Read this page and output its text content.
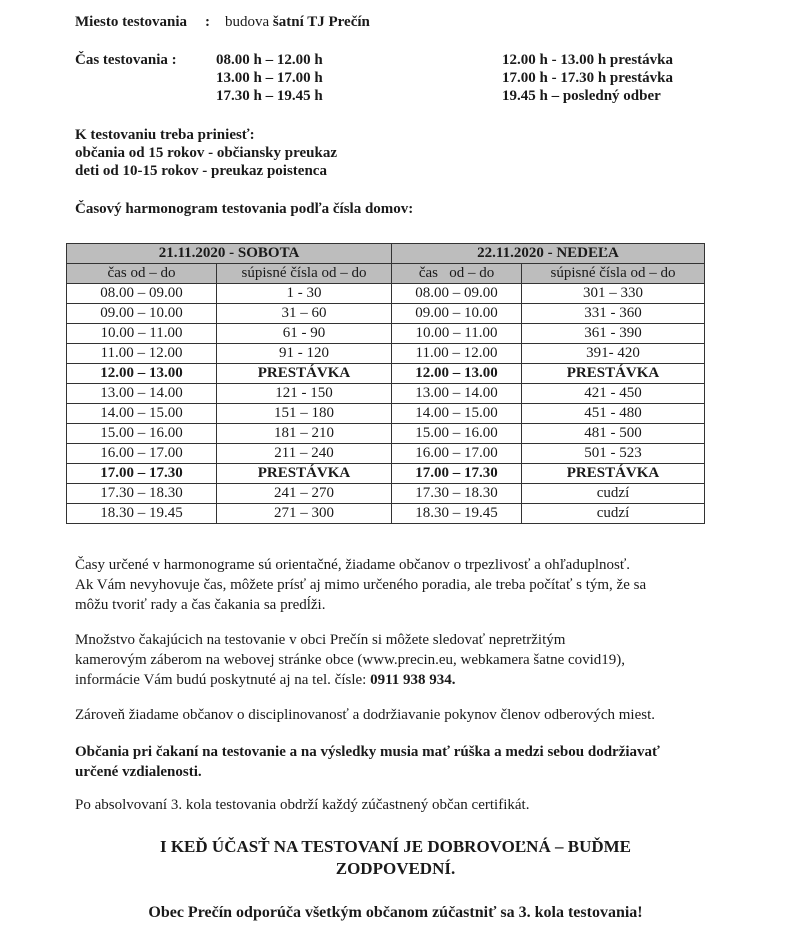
Miesto testovania : budova šatní TJ Prečín
Čas testovania :	08.00 h – 12.00 h
13.00 h – 17.00 h
17.30 h – 19.45 h
12.00 h - 13.00 h prestávka
17.00 h - 17.30 h prestávka
19.45 h – posledný odber
K testovaniu treba priniesť:
občania od 15 rokov - občiansky preukaz
deti od 10-15 rokov - preukaz poistenca
Časový harmonogram testovania podľa čísla domov:
21.11.2020 - SOBOTA		22.11.2020 - NEDEĽA	
čas od – do	súpisné čísla od – do	čas   od – do	súpisné čísla od – do
08.00 – 09.00	1 - 30	08.00 – 09.00	301 – 330
09.00 – 10.00	31 – 60	09.00 – 10.00	331 - 360
10.00 – 11.00	61 - 90	10.00 – 11.00	361 - 390
11.00 – 12.00	91 - 120	11.00 – 12.00	391- 420
12.00 – 13.00	PRESTÁVKA	12.00 – 13.00	PRESTÁVKA
13.00 – 14.00	121 - 150	13.00 – 14.00	421 - 450
14.00 – 15.00	151 – 180	14.00 – 15.00	451 - 480
15.00 – 16.00	181 – 210	15.00 – 16.00	481 - 500
16.00 – 17.00	211 – 240	16.00 – 17.00	501 - 523
17.00 – 17.30	PRESTÁVKA	17.00 – 17.30	PRESTÁVKA
17.30 – 18.30	241 – 270	17.30 – 18.30	cudzí
18.30 – 19.45	271 – 300	18.30 – 19.45	cudzí
Časy určené v harmonograme sú orientačné, žiadame občanov o trpezlivosť a ohľaduplnosť.
Ak Vám nevyhovuje čas, môžete prísť aj mimo určeného poradia, ale treba počítať s tým, že sa
môžu tvoriť rady a čas čakania sa predĺži.
Množstvo čakajúcich na testovanie v obci Prečín si môžete sledovať nepretržitým
kamerovým záberom na webovej stránke obce (www.precin.eu, webkamera šatne covid19),
informácie Vám budú poskytnuté aj na tel. čísle: 0911 938 934.
Zároveň žiadame občanov o disciplinovanosť a dodržiavanie pokynov členov odberových miest.
Občania pri čakaní na testovanie a na výsledky musia mať rúška a medzi sebou dodržiavať
určené vzdialenosti.
Po absolvovaní 3. kola testovania obdrží každý zúčastnený občan certifikát.
I KEĎ ÚČASŤ NA TESTOVANÍ JE DOBROVOĽNÁ – BUĎME
ZODPOVEDNÍ.
Obec Prečín odporúča všetkým občanom zúčastniť sa 3. kola testovania!
